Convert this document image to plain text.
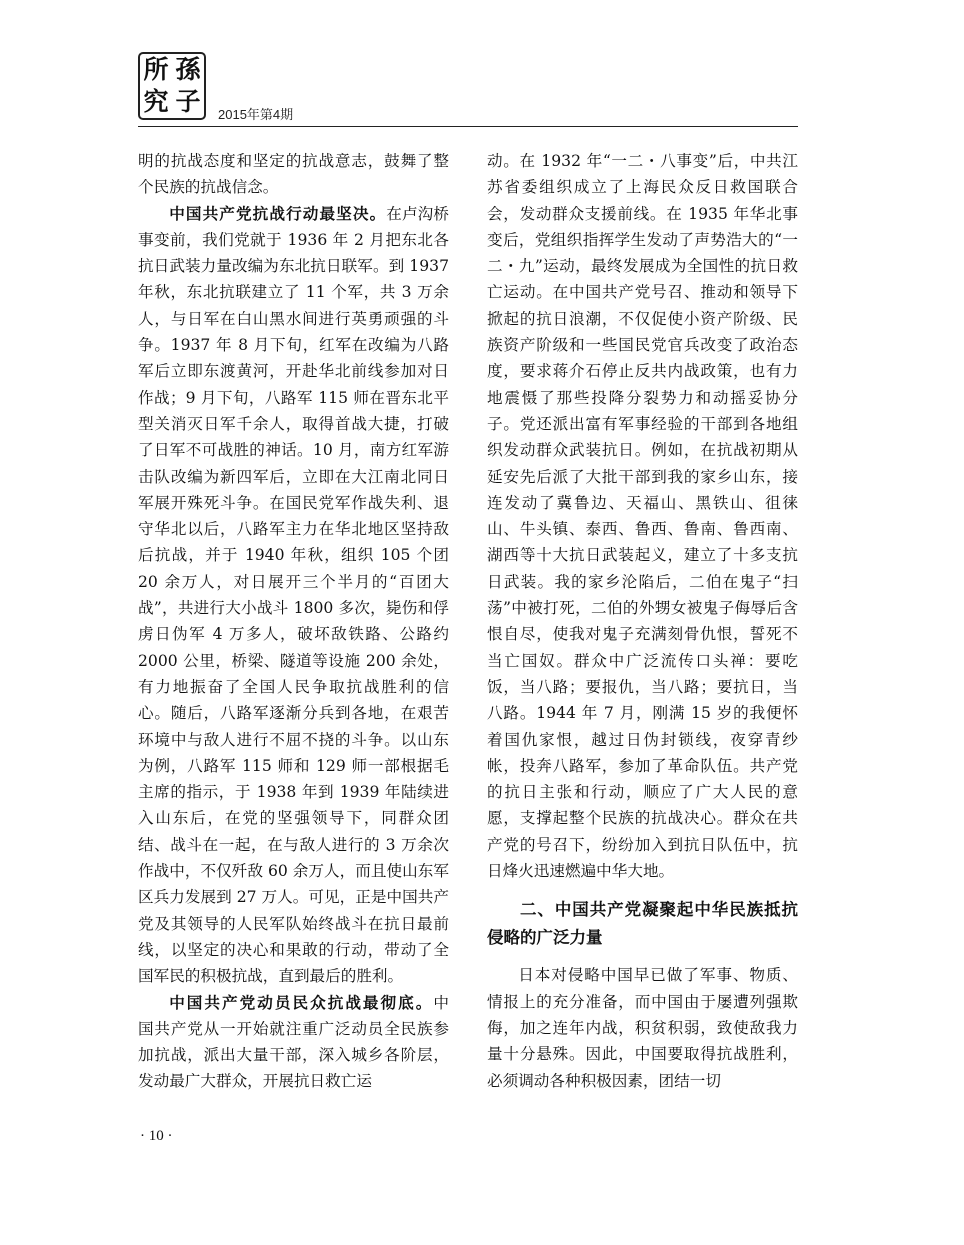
所 孫
究 子 2015年第4期

明的抗战态度和坚定的抗战意志，鼓舞了整个民族的抗战信念。

中国共产党抗战行动最坚决。在卢沟桥事变前，我们党就于 1936 年 2 月把东北各抗日武装力量改编为东北抗日联军。到 1937 年秋，东北抗联建立了 11 个军，共 3 万余人，与日军在白山黑水间进行英勇顽强的斗争。1937 年 8 月下旬，红军在改编为八路军后立即东渡黄河，开赴华北前线参加对日作战；9 月下旬，八路军 115 师在晋东北平型关消灭日军千余人，取得首战大捷，打破了日军不可战胜的神话。10 月，南方红军游击队改编为新四军后，立即在大江南北同日军展开殊死斗争。在国民党军作战失利、退守华北以后，八路军主力在华北地区坚持敌后抗战，并于 1940 年秋，组织 105 个团 20 余万人，对日展开三个半月的“百团大战”，共进行大小战斗 1800 多次，毙伤和俘虏日伪军 4 万多人，破坏敌铁路、公路约 2000 公里，桥梁、隧道等设施 200 余处，有力地振奋了全国人民争取抗战胜利的信心。随后，八路军逐渐分兵到各地，在艰苦环境中与敌人进行不屈不挠的斗争。以山东为例，八路军 115 师和 129 师一部根据毛主席的指示，于 1938 年到 1939 年陆续进入山东后，在党的坚强领导下，同群众团结、战斗在一起，在与敌人进行的 3 万余次作战中，不仅歼敌 60 余万人，而且使山东军区兵力发展到 27 万人。可见，正是中国共产党及其领导的人民军队始终战斗在抗日最前线，以坚定的决心和果敢的行动，带动了全国军民的积极抗战，直到最后的胜利。

中国共产党动员民众抗战最彻底。中国共产党从一开始就注重广泛动员全民族参加抗战，派出大量干部，深入城乡各阶层，发动最广大群众，开展抗日救亡运

动。在 1932 年“一二・八事变”后，中共江苏省委组织成立了上海民众反日救国联合会，发动群众支援前线。在 1935 年华北事变后，党组织指挥学生发动了声势浩大的“一二・九”运动，最终发展成为全国性的抗日救亡运动。在中国共产党号召、推动和领导下掀起的抗日浪潮，不仅促使小资产阶级、民族资产阶级和一些国民党官兵改变了政治态度，要求蒋介石停止反共内战政策，也有力地震慑了那些投降分裂势力和动摇妥协分子。党还派出富有军事经验的干部到各地组织发动群众武装抗日。例如，在抗战初期从延安先后派了大批干部到我的家乡山东，接连发动了冀鲁边、天福山、黑铁山、徂徕山、牛头镇、泰西、鲁西、鲁南、鲁西南、湖西等十大抗日武装起义，建立了十多支抗日武装。我的家乡沦陷后，二伯在鬼子“扫荡”中被打死，二伯的外甥女被鬼子侮辱后含恨自尽，使我对鬼子充满刻骨仇恨，誓死不当亡国奴。群众中广泛流传口头禅：要吃饭，当八路；要报仇，当八路；要抗日，当八路。1944 年 7 月，刚满 15 岁的我便怀着国仇家恨，越过日伪封锁线，夜穿青纱帐，投奔八路军，参加了革命队伍。共产党的抗日主张和行动，顺应了广大人民的意愿，支撑起整个民族的抗战决心。群众在共产党的号召下，纷纷加入到抗日队伍中，抗日烽火迅速燃遍中华大地。

二、中国共产党凝聚起中华民族抵抗侵略的广泛力量

日本对侵略中国早已做了军事、物质、情报上的充分准备，而中国由于屡遭列强欺侮，加之连年内战，积贫积弱，致使敌我力量十分悬殊。因此，中国要取得抗战胜利，必须调动各种积极因素，团结一切

· 10 ·
